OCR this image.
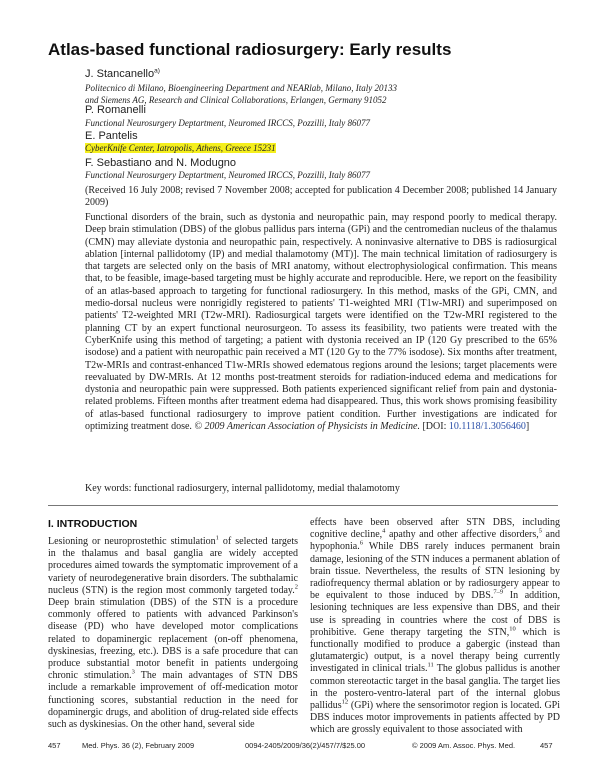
Atlas-based functional radiosurgery: Early results
J. Stancanello$^{a)}$
Politecnico di Milano, Bioengineering Department and NEARlab, Milano, Italy 20133
and Siemens AG, Research and Clinical Collaborations, Erlangen, Germany 91052
P. Romanelli
Functional Neurosurgery Deptartment, Neuromed IRCCS, Pozzilli, Italy 86077
E. Pantelis
CyberKnife Center, Iatropolis, Athens, Greece 15231
F. Sebastiano and N. Modugno
Functional Neurosurgery Deptartment, Neuromed IRCCS, Pozzilli, Italy 86077

(Received 16 July 2008; revised 7 November 2008; accepted for publication 4 December 2008; published 14 January 2009)

Functional disorders of the brain, such as dystonia and neuropathic pain, may respond poorly to medical therapy. Deep brain stimulation (DBS) of the globus pallidus pars interna (GPi) and the centromedian nucleus of the thalamus (CMN) may alleviate dystonia and neuropathic pain, respectively. A noninvasive alternative to DBS is radiosurgical ablation [internal pallidotomy (IP) and medial thalamotomy (MT)]. The main technical limitation of radiosurgery is that targets are selected only on the basis of MRI anatomy, without electrophysiological confirmation. This means that, to be feasible, image-based targeting must be highly accurate and reproducible. Here, we report on the feasibility of an atlas-based approach to targeting for functional radiosurgery. In this method, masks of the GPi, CMN, and medio-dorsal nucleus were nonrigidly registered to patients' T1-weighted MRI (T1w-MRI) and superimposed on patients' T2-weighted MRI (T2w-MRI). Radiosurgical targets were identified on the T2w-MRI registered to the planning CT by an expert functional neurosurgeon. To assess its feasibility, two patients were treated with the CyberKnife using this method of targeting; a patient with dystonia received an IP (120 Gy prescribed to the 65% isodose) and a patient with neuropathic pain received a MT (120 Gy to the 77% isodose). Six months after treatment, T2w-MRIs and contrast-enhanced T1w-MRIs showed edematous regions around the lesions; target placements were reevaluated by DW-MRIs. At 12 months post-treatment steroids for radiation-induced edema and medications for dystonia and neuropathic pain were suppressed. Both patients experienced significant relief from pain and dystonia-related problems. Fifteen months after treatment edema had disappeared. Thus, this work shows promising feasibility of atlas-based functional radiosurgery to improve patient condition. Further investigations are indicated for optimizing treatment dose. © 2009 American Association of Physicists in Medicine. [DOI: 10.1118/1.3056460]

Key words: functional radiosurgery, internal pallidotomy, medial thalamotomy
I. INTRODUCTION

Lesioning or neuroprostethic stimulation$^1$ of selected targets in the thalamus and basal ganglia are widely accepted procedures aimed towards the symptomatic improvement of a variety of neurodegenerative brain disorders. The subthalamic nucleus (STN) is the region most commonly targeted today.$^2$ Deep brain stimulation (DBS) of the STN is a procedure commonly offered to patients with advanced Parkinson's disease (PD) who have developed motor complications related to dopaminergic replacement (on-off phenomena, dyskinesias, freezing, etc.). DBS is a safe procedure that can produce substantial motor benefit in patients undergoing chronic stimulation.$^3$ The main advantages of STN DBS include a remarkable improvement of off-medication motor functioning scores, substantial reduction in the need for dopaminergic drugs, and abolition of drug-related side effects such as dyskinesias. On the other hand, several side

effects have been observed after STN DBS, including cognitive decline,$^4$ apathy and other affective disorders,$^5$ and hypophonia.$^6$ While DBS rarely induces permanent brain damage, lesioning of the STN induces a permanent ablation of brain tissue. Nevertheless, the results of STN lesioning by radiofrequency thermal ablation or by radiosurgery appear to be equivalent to those induced by DBS.$^{7-9}$ In addition, lesioning techniques are less expensive than DBS, and their use is spreading in countries where the cost of DBS is prohibitive. Gene therapy targeting the STN,$^{10}$ which is functionally modified to produce a gabergic (instead than glutamatergic) output, is a novel therapy being currently investigated in clinical trials.$^{11}$ The globus pallidus is another common stereotactic target in the basal ganglia. The target lies in the postero-ventro-lateral part of the internal globus pallidus$^{12}$ (GPi) where the sensorimotor region is located. GPi DBS induces motor improvements in patients affected by PD which are grossly equivalent to those associated with

457	Med. Phys. 36 (2), February 2009	0094-2405/2009/36(2)/457/7/$25.00	© 2009 Am. Assoc. Phys. Med.	457
